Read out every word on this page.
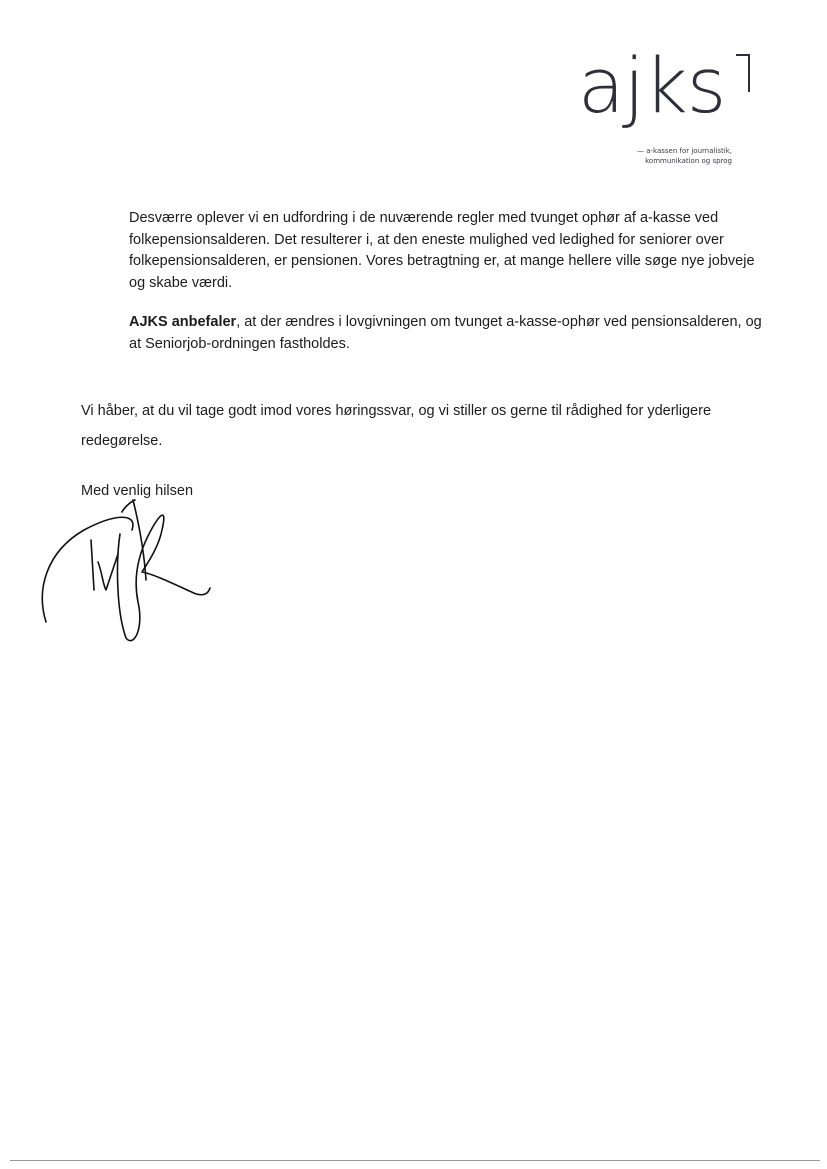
ajks
— a-kassen for journalistik,
kommunikation og sprog
Desværre oplever vi en udfordring i de nuværende regler med tvunget ophør af a-kasse ved folkepensionsalderen. Det resulterer i, at den eneste mulighed ved ledighed for seniorer over folkepensionsalderen, er pensionen. Vores betragtning er, at mange hellere ville søge nye jobveje og skabe værdi.
AJKS anbefaler, at der ændres i lovgivningen om tvunget a-kasse-ophør ved pensionsalderen, og at Seniorjob-ordningen fastholdes.
Vi håber, at du vil tage godt imod vores høringssvar, og vi stiller os gerne til rådighed for yderligere redegørelse.
Med venlig hilsen
